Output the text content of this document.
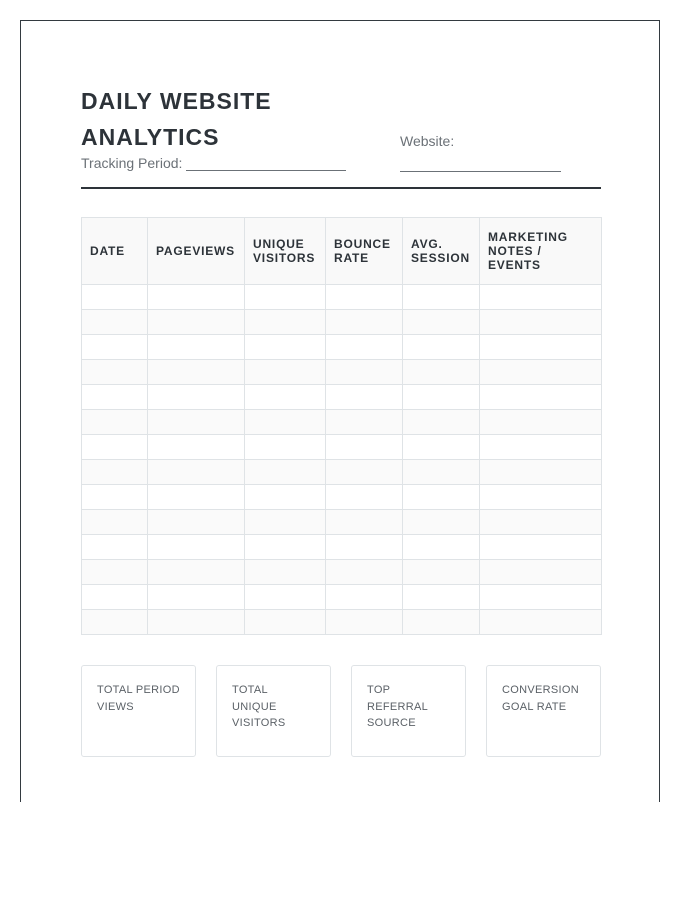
DAILY WEBSITE ANALYTICS
Tracking Period:
Website:
DATE	PAGEVIEWS	UNIQUE VISITORS	BOUNCE RATE	AVG. SESSION	MARKETING NOTES / EVENTS

TOTAL PERIOD VIEWS
TOTAL UNIQUE VISITORS
TOP REFERRAL SOURCE
CONVERSION GOAL RATE
